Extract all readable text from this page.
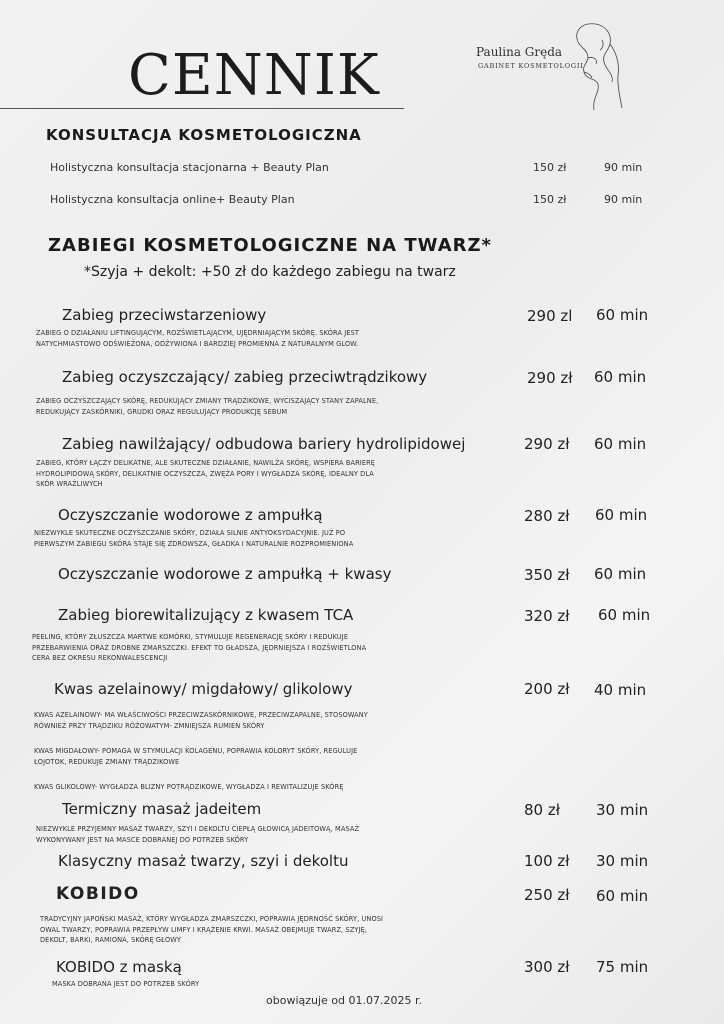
CENNIK	Paulina Gręda
GABINET KOSMETOLOGII
KONSULTACJA KOSMETOLOGICZNA
Holistyczna konsultacja stacjonarna + Beauty Plan	150 zł	90 min
Holistyczna konsultacja online+ Beauty Plan	150 zł	90 min
ZABIEGI KOSMETOLOGICZNE NA TWARZ*
*Szyja + dekolt: +50 zł do każdego zabiegu na twarz
Zabieg przeciwstarzeniowy	290 zl 60 min
ZABIEG O DZIAŁANIU LIFTINGUJĄCYM, ROZŚWIETLAJĄCYM, UJĘDRNIAJĄCYM SKÓRĘ. SKÓRA JEST
NATYCHMIASTOWO ODŚWIEŻONA, ODŻYWIONA I BARDZIEJ PROMIENNA Z NATURALNYM GLOW.
Zabieg oczyszczający/ zabieg przeciwtrądzikowy	290 zł 60 min
ZABIEG OCZYSZCZAJĄCY SKÓRĘ, REDUKUJĄCY ZMIANY TRĄDZIKOWE, WYCISZAJĄCY STANY ZAPALNE,
REDUKUJĄCY ZASKÓRNIKI, GRUDKI ORAZ REGULUJĄCY PRODUKCJĘ SEBUM
Zabieg nawilżający/ odbudowa bariery hydrolipidowej	290 zł 60 min
ZABIEG, KTÓRY ŁĄCZY DELIKATNE, ALE SKUTECZNE DZIAŁANIE, NAWILŻA SKÓRĘ, WSPIERA BARIERĘ
HYDROLIPIDOWĄ SKÓRY, DELIKATNIE OCZYSZCZA, ZWĘŻA PORY I WYGŁADZA SKÓRĘ, IDEALNY DLA
SKÓR WRAŻLIWYCH
Oczyszczanie wodorowe z ampułką	280 zł 60 min
NIEZWYKLE SKUTECZNE OCZYSZCZANIE SKÓRY, DZIAŁA SILNIE ANTYOKSYDACYJNIE. JUŻ PO
PIERWSZYM ZABIEGU SKÓRA STAJE SIĘ ZDROWSZA, GŁADKA I NATURALNIE ROZPROMIENIONA
Oczyszczanie wodorowe z ampułką + kwasy	350 zł 60 min
Zabieg biorewitalizujący z kwasem TCA	320 zł 60 min
PEELING, KTÓRY ZŁUSZCZA MARTWE KOMÓRKI, STYMULUJE REGENERACJĘ SKÓRY I REDUKUJE
PRZEBARWIENIA ORAZ DROBNE ZMARSZCZKI. EFEKT TO GŁADSZA, JĘDRNIEJSZA I ROZŚWIETLONA
CERA BEZ OKRESU REKONWALESCENCJI
Kwas azelainowy/ migdałowy/ glikolowy	200 zł 40 min
KWAS AZELAINOWY- MA WŁAŚCIWOŚCI PRZECIWZASKÓRNIKOWE, PRZECIWZAPALNE, STOSOWANY
RÓWNIEŻ PRZY TRĄDZIKU RÓŻOWATYM- ZMNIEJSZA RUMIEŃ SKÓRY
KWAS MIGDAŁOWY- POMAGA W STYMULACJI KOLAGENU, POPRAWIA KOLORYT SKÓRY, REGULUJE
ŁOJOTOK, REDUKUJE ZMIANY TRĄDZIKOWE
KWAS GLIKOLOWY- WYGŁADZA BLIZNY POTRĄDZIKOWE, WYGŁADZA I REWITALIZUJE SKÓRĘ
Termiczny masaż jadeitem	80 zł 30 min
NIEZWYKLE PRZYJEMNY MASAŻ TWARZY, SZYI I DEKOLTU CIEPŁĄ GŁOWICĄ JADEITOWĄ, MASAŻ
WYKONYWANY JEST NA MASCE DOBRANEJ DO POTRZEB SKÓRY
Klasyczny masaż twarzy, szyi i dekoltu	100 zł 30 min
KOBIDO	250 zł 60 min
TRADYCYJNY JAPOŃSKI MASAŻ, KTÓRY WYGŁADZA ZMARSZCZKI, POPRAWIA JĘDRNOŚĆ SKÓRY, UNOSI
OWAL TWARZY, POPRAWIA PRZEPŁYW LIMFY I KRĄŻENIE KRWI. MASAŻ OBEJMUJE TWARZ, SZYJĘ,
DEKOLT, BARKI, RAMIONA, SKÓRĘ GŁOWY
KOBIDO z maską	300 zł 75 min
MASKA DOBRANA JEST DO POTRZEB SKÓRY
obowiązuje od 01.07.2025 r.
